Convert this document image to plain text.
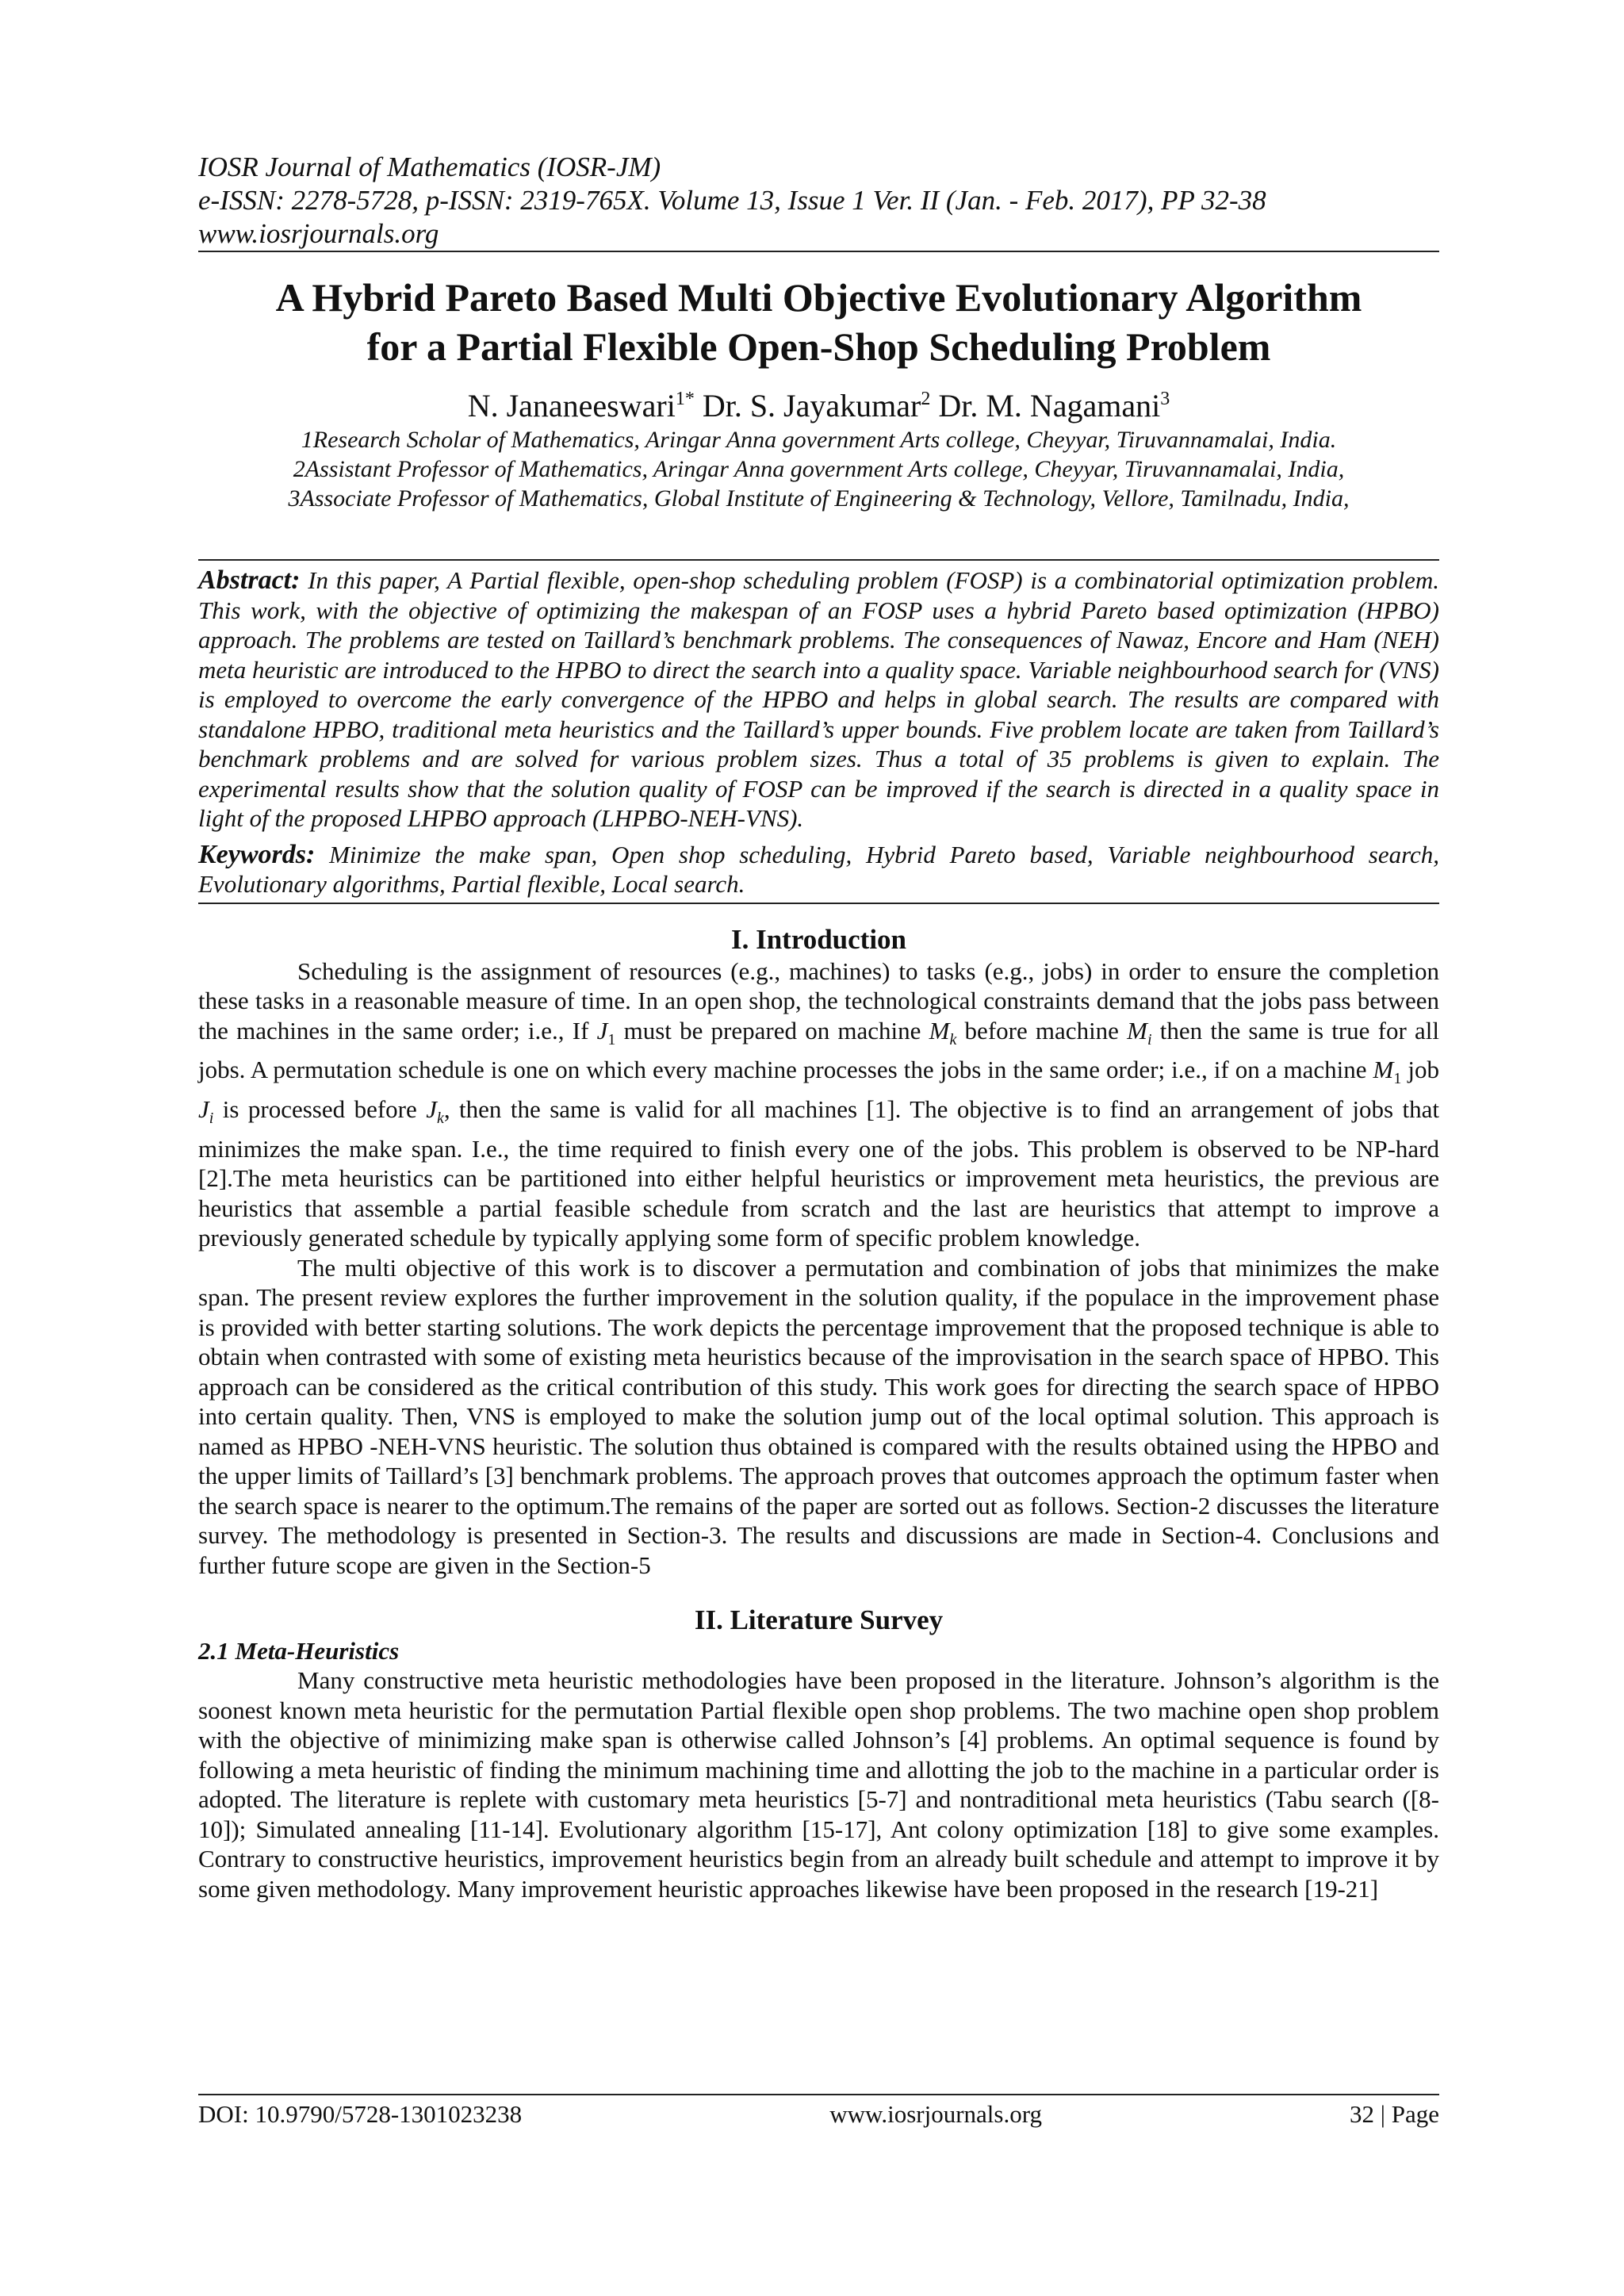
IOSR Journal of Mathematics (IOSR-JM)
e-ISSN: 2278-5728, p-ISSN: 2319-765X. Volume 13, Issue 1 Ver. II (Jan. - Feb. 2017), PP 32-38
www.iosrjournals.org
A Hybrid Pareto Based Multi Objective Evolutionary Algorithm
for a Partial Flexible Open-Shop Scheduling Problem
N. Jananeeswari$^{1*}$ Dr. S. Jayakumar$^2$ Dr. M. Nagamani$^3$
1Research Scholar of Mathematics, Aringar Anna government Arts college, Cheyyar, Tiruvannamalai, India.
2Assistant Professor of Mathematics, Aringar Anna government Arts college, Cheyyar, Tiruvannamalai, India,
3Associate Professor of Mathematics, Global Institute of Engineering & Technology, Vellore, Tamilnadu, India,
Abstract: In this paper, A Partial flexible, open-shop scheduling problem (FOSP) is a combinatorial optimization problem. This work, with the objective of optimizing the makespan of an FOSP uses a hybrid Pareto based optimization (HPBO) approach. The problems are tested on Taillard’s benchmark problems. The consequences of Nawaz, Encore and Ham (NEH) meta heuristic are introduced to the HPBO to direct the search into a quality space. Variable neighbourhood search for (VNS) is employed to overcome the early convergence of the HPBO and helps in global search. The results are compared with standalone HPBO, traditional meta heuristics and the Taillard’s upper bounds. Five problem locate are taken from Taillard’s benchmark problems and are solved for various problem sizes. Thus a total of 35 problems is given to explain. The experimental results show that the solution quality of FOSP can be improved if the search is directed in a quality space in light of the proposed LHPBO approach (LHPBO-NEH-VNS).
Keywords: Minimize the make span, Open shop scheduling, Hybrid Pareto based, Variable neighbourhood search, Evolutionary algorithms, Partial flexible, Local search.
I. Introduction

Scheduling is the assignment of resources (e.g., machines) to tasks (e.g., jobs) in order to ensure the completion these tasks in a reasonable measure of time. In an open shop, the technological constraints demand that the jobs pass between the machines in the same order; i.e., If $J_1$ must be prepared on machine $M_k$ before machine $M_i$ then the same is true for all jobs. A permutation schedule is one on which every machine processes the jobs in the same order; i.e., if on a machine $M_1$ job $J_i$ is processed before $J_k$, then the same is valid for all machines [1]. The objective is to find an arrangement of jobs that minimizes the make span. I.e., the time required to finish every one of the jobs. This problem is observed to be NP-hard [2].The meta heuristics can be partitioned into either helpful heuristics or improvement meta heuristics, the previous are heuristics that assemble a partial feasible schedule from scratch and the last are heuristics that attempt to improve a previously generated schedule by typically applying some form of specific problem knowledge.

The multi objective of this work is to discover a permutation and combination of jobs that minimizes the make span. The present review explores the further improvement in the solution quality, if the populace in the improvement phase is provided with better starting solutions. The work depicts the percentage improvement that the proposed technique is able to obtain when contrasted with some of existing meta heuristics because of the improvisation in the search space of HPBO. This approach can be considered as the critical contribution of this study. This work goes for directing the search space of HPBO into certain quality. Then, VNS is employed to make the solution jump out of the local optimal solution. This approach is named as HPBO -NEH-VNS heuristic. The solution thus obtained is compared with the results obtained using the HPBO and the upper limits of Taillard’s [3] benchmark problems. The approach proves that outcomes approach the optimum faster when the search space is nearer to the optimum.The remains of the paper are sorted out as follows. Section-2 discusses the literature survey. The methodology is presented in Section-3. The results and discussions are made in Section-4. Conclusions and further future scope are given in the Section-5

II. Literature Survey
2.1 Meta-Heuristics

Many constructive meta heuristic methodologies have been proposed in the literature. Johnson’s algorithm is the soonest known meta heuristic for the permutation Partial flexible open shop problems. The two machine open shop problem with the objective of minimizing make span is otherwise called Johnson’s [4] problems. An optimal sequence is found by following a meta heuristic of finding the minimum machining time and allotting the job to the machine in a particular order is adopted. The literature is replete with customary meta heuristics [5-7] and nontraditional meta heuristics (Tabu search ([8-10]); Simulated annealing [11-14]. Evolutionary algorithm [15-17], Ant colony optimization [18] to give some examples. Contrary to constructive heuristics, improvement heuristics begin from an already built schedule and attempt to improve it by some given methodology. Many improvement heuristic approaches likewise have been proposed in the research [19-21]

DOI: 10.9790/5728-1301023238	www.iosrjournals.org	32 | Page
